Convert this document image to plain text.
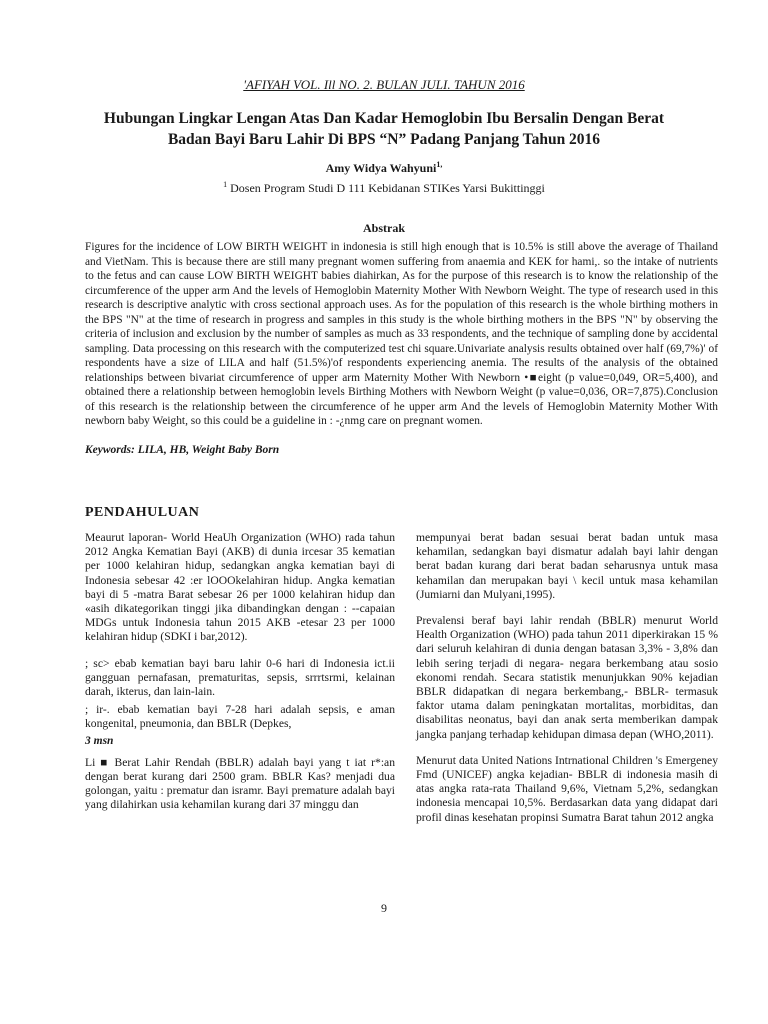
'AFIYAH VOL. Ill NO. 2. BULAN JULI. TAHUN 2016
Hubungan Lingkar Lengan Atas Dan Kadar Hemoglobin Ibu Bersalin Dengan Berat
Badan Bayi Baru Lahir Di BPS “N” Padang Panjang Tahun 2016
Amy Widya Wahyuni$^{1,}$
$^1$ Dosen Program Studi D 111 Kebidanan STIKes Yarsi Bukittinggi
Abstrak

Figures for the incidence of LOW BIRTH WEIGHT in indonesia is still high enough that is 10.5% is still above the average of Thailand and VietNam. This is because there are still many pregnant women suffering from anaemia and KEK for hami,. so the intake of nutrients to the fetus and can cause LOW BIRTH WEIGHT babies diahirkan, As for the purpose of this research is to know the relationship of the circumference of the upper arm And the levels of Hemoglobin Maternity Mother With Newborn Weight. The type of research used in this research is descriptive analytic with cross sectional approach uses. As for the population of this research is the whole birthing mothers in the BPS "N" at the time of research in progress and samples in this study is the whole birthing mothers in the BPS "N" by observing the criteria of inclusion and exclusion by the number of samples as much as 33 respondents, and the technique of sampling done by accidental sampling. Data processing on this research with the computerized test chi square.Univariate analysis results obtained over half (69,7%)' of respondents have a size of LILA and half (51.5%)'of respondents experiencing anemia. The results of the analysis of the obtained relationships between bivariat circumference of upper arm Maternity Mother With Newborn •■eight (p value=0,049, OR=5,400), and obtained there a relationship between hemoglobin levels Birthing Mothers with Newborn Weight (p value=0,036, OR=7,875).Conclusion of this research is the relationship between the circumference of he upper arm And the levels of Hemoglobin Maternity Mother With newborn baby Weight, so this could be a guideline in : -¿nmg care on pregnant women.

Keywords: LILA, HB, Weight Baby Born
PENDAHULUAN

Meaurut laporan- World HeaUh Organization (WHO) rada tahun 2012 Angka Kematian Bayi (AKB) di dunia ircesar 35 kematian per 1000 kelahiran hidup, sedangkan angka kematian bayi di Indonesia sebesar 42 :er lOOOkelahiran hidup. Angka kematian bayi di 5 -matra Barat sebesar 26 per 1000 kelahiran hidup dan «asih dikategorikan tinggi jika dibandingkan dengan : --capaian MDGs untuk Indonesia tahun 2015 AKB -etesar 23 per 1000 kelahiran hidup (SDKI i bar,2012).

; sc> ebab kematian bayi baru lahir 0-6 hari di Indonesia ict.ii gangguan pernafasan, prematuritas, sepsis, srrrtsrmi, kelainan darah, ikterus, dan lain-lain.

; ir-. ebab kematian bayi 7-28 hari adalah sepsis, e aman kongenital, pneumonia, dan BBLR (Depkes,

3 msn

Li ■ Berat Lahir Rendah (BBLR) adalah bayi yang t iat r*:an dengan berat kurang dari 2500 gram. BBLR Kas? menjadi dua golongan, yaitu : prematur dan isramr. Bayi premature adalah bayi yang dilahirkan usia kehamilan kurang dari 37 minggu dan

mempunyai berat badan sesuai berat badan untuk masa kehamilan, sedangkan bayi dismatur adalah bayi lahir dengan berat badan kurang dari berat badan seharusnya untuk masa kehamilan dan merupakan bayi \ kecil untuk masa kehamilan (Jumiarni dan Mulyani,1995).

Prevalensi beraf bayi lahir rendah (BBLR) menurut World Health Organization (WHO) pada tahun 2011 diperkirakan 15 % dari seluruh kelahiran di dunia dengan batasan 3,3% - 3,8% dan lebih sering terjadi di negara- negara berkembang atau sosio ekonomi rendah. Secara statistik menunjukkan 90% kejadian BBLR didapatkan di negara berkembang,- BBLR- termasuk faktor utama dalam peningkatan mortalitas, morbiditas, dan disabilitas neonatus, bayi dan anak serta memberikan dampak jangka panjang terhadap kehidupan dimasa depan (WHO,2011).

Menurut data United Nations Intrnational Children 's Emergeney Fmd (UNICEF) angka kejadian- BBLR di indonesia masih di atas angka rata-rata Thailand 9,6%, Vietnam 5,2%, sedangkan indonesia mencapai 10,5%. Berdasarkan data yang didapat dari profil dinas kesehatan propinsi Sumatra Barat tahun 2012 angka

9
